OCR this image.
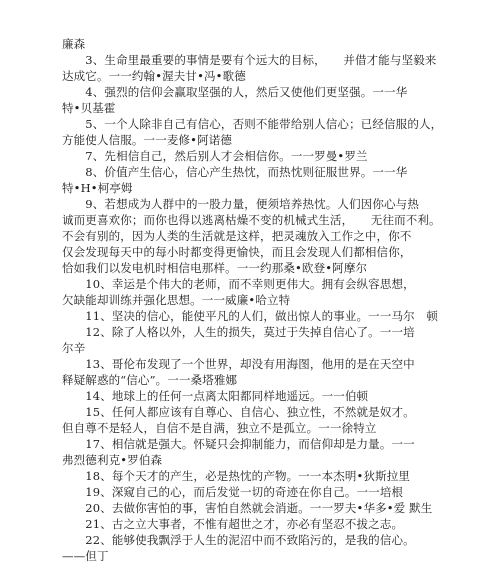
廉森
　　3、生命里最重要的事情是要有个远大的目标，　　并借才能与坚毅来
达成它。一一约翰•渥夫甘•冯•歌德
　　4、强烈的信仰会赢取坚强的人，然后又使他们更坚强。一一华
特•贝基霍
　　5、一个人除非自己有信心，否则不能带给别人信心；已经信服的人，
方能使人信服。一一麦修•阿诺德
　　7、先相信自己，然后别人才会相信你。一一罗曼•罗兰
　　8、价值产生信心，信心产生热忱，而热忱则征服世界。一一华
特•H•柯亭姆
　　9、若想成为人群中的一股力量，便须培养热忱。人们因你心与热
诚而更喜欢你；而你也得以逃离枯燥不变的机械式生活，　　无往而不利。
不会有别的，因为人类的生活就是这样，把灵魂放入工作之中，你不
仅会发现每天中的每小时都变得更愉快，而且会发现人们都相信你，
恰如我们以发电机时相信电那样。一一约那桑•欧登•阿摩尔
　　10、幸运是个伟大的老师，而不幸则更伟大。拥有会纵容思想，
欠缺能却训练并强化思想。一一威廉•哈立特
　　11、坚决的信心，能使平凡的人们，做出惊人的事业。一一马尔　顿
　　12、除了人格以外，人生的损失，莫过于失掉自信心了。一一培
尔辛
　　13、哥伦布发现了一个世界，却没有用海图，他用的是在天空中
释疑解惑的“信心”。一一桑塔雅娜
　　14、地球上的任何一点离太阳都同样地遥远。一一伯顿
　　15、任何人都应该有自尊心、自信心、独立性，不然就是奴才。
但自尊不是轻人，自信不是自满，独立不是孤立。一一徐特立
　　17、相信就是强大。怀疑只会抑制能力，而信仰却是力量。一一
弗烈德利克•罗伯森
　　18、每个天才的产生，必是热忱的产物。一一本杰明•狄斯拉里
　　19、深窥自己的心，而后发觉一切的奇迹在你自己。一一培根
　　20、去做你害怕的事，害怕自然就会消逝。一一罗夫•华多•爱 默生
　　21、古之立大事者，不惟有超世之才，亦必有坚忍不拔之志。
　　22、能够使我飘浮于人生的泥沼中而不致陷污的，是我的信心。
——但丁
